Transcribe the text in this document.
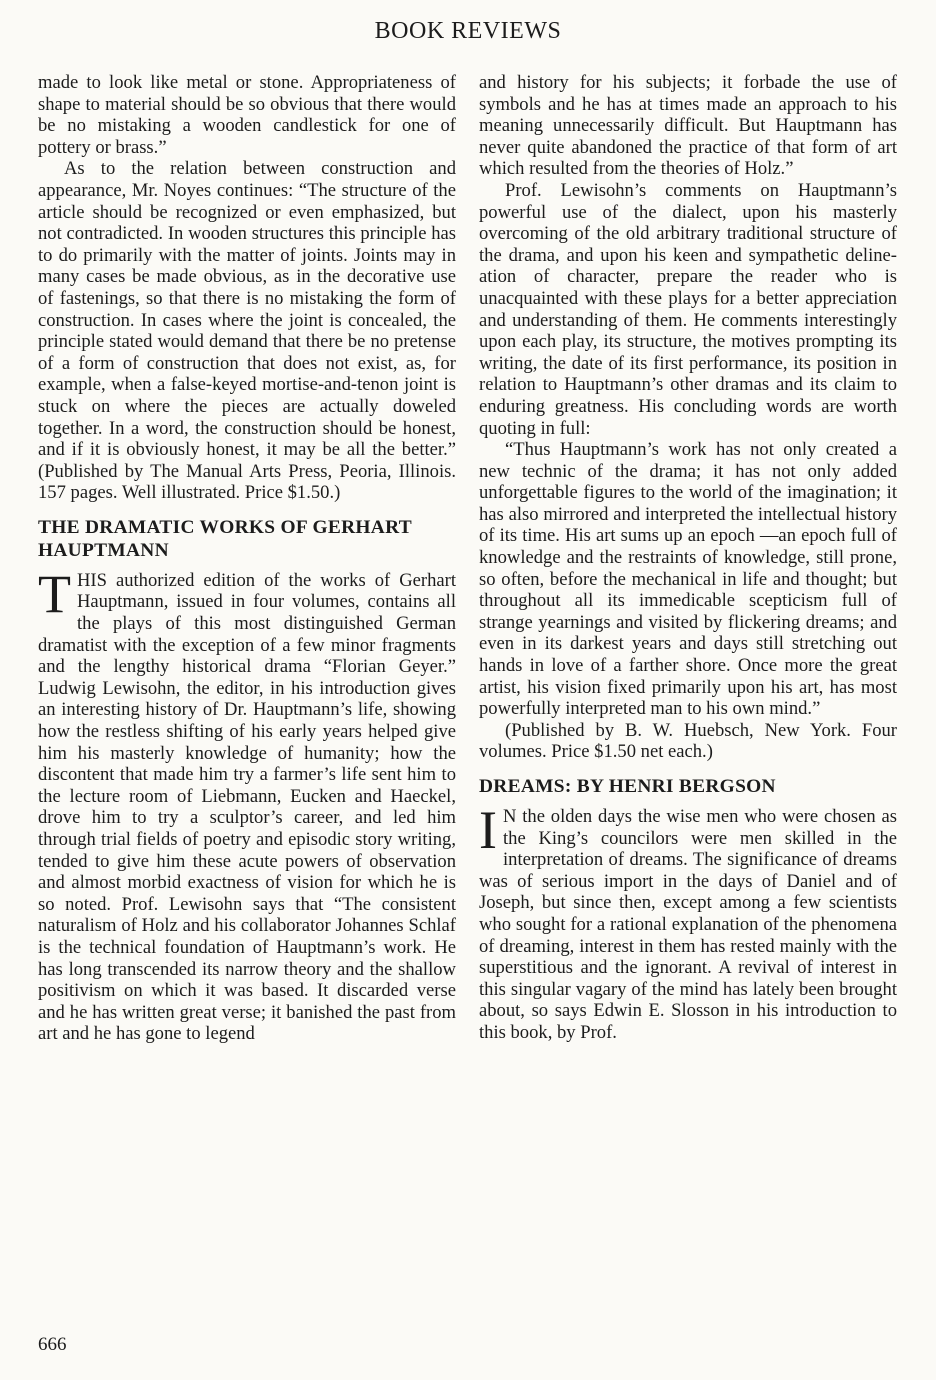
BOOK REVIEWS

made to look like metal or stone. Appropriateness of shape to material should be so obvious that there would be no mistaking a wooden candlestick for one of pottery or brass.”

As to the relation between construction and appearance, Mr. Noyes continues: “The structure of the article should be recognized or even emphasized, but not contradicted. In wooden structures this principle has to do primarily with the matter of joints. Joints may in many cases be made obvious, as in the decorative use of fastenings, so that there is no mistaking the form of construction. In cases where the joint is concealed, the principle stated would demand that there be no pretense of a form of construction that does not exist, as, for example, when a false-keyed mortise-and-tenon joint is stuck on where the pieces are actually doweled together. In a word, the construction should be honest, and if it is obviously honest, it may be all the better.” (Published by The Manual Arts Press, Peoria, Illinois. 157 pages. Well illustrated. Price $1.50.)

THE DRAMATIC WORKS OF GERHART HAUPTMANN

THIS authorized edition of the works of Gerhart Hauptmann, issued in four volumes, contains all the plays of this most distinguished German dramatist with the exception of a few minor fragments and the lengthy historical drama “Florian Geyer.” Ludwig Lewisohn, the editor, in his introduction gives an interesting history of Dr. Hauptmann’s life, showing how the restless shifting of his early years helped give him his masterly knowledge of humanity; how the discontent that made him try a farmer’s life sent him to the lecture room of Liebmann, Eucken and Haeckel, drove him to try a sculptor’s career, and led him through trial fields of poetry and episodic story writing, tended to give him these acute powers of observation and almost morbid exactness of vision for which he is so noted. Prof. Lewisohn says that “The consistent naturalism of Holz and his collaborator Johannes Schlaf is the technical foundation of Hauptmann’s work. He has long transcended its narrow theory and the shallow positivism on which it was based. It discarded verse and he has written great verse; it banished the past from art and he has gone to legend

and history for his subjects; it forbade the use of symbols and he has at times made an approach to his meaning unnecessarily difficult. But Hauptmann has never quite abandoned the practice of that form of art which resulted from the theories of Holz.”

Prof. Lewisohn’s comments on Hauptmann’s powerful use of the dialect, upon his masterly overcoming of the old arbitrary traditional structure of the drama, and upon his keen and sympathetic delineation of character, prepare the reader who is unacquainted with these plays for a better appreciation and understanding of them. He comments interestingly upon each play, its structure, the motives prompting its writing, the date of its first performance, its position in relation to Hauptmann’s other dramas and its claim to enduring greatness. His concluding words are worth quoting in full:

“Thus Hauptmann’s work has not only created a new technic of the drama; it has not only added unforgettable figures to the world of the imagination; it has also mirrored and interpreted the intellectual history of its time. His art sums up an epoch —an epoch full of knowledge and the restraints of knowledge, still prone, so often, before the mechanical in life and thought; but throughout all its immedicable scepticism full of strange yearnings and visited by flickering dreams; and even in its darkest years and days still stretching out hands in love of a farther shore. Once more the great artist, his vision fixed primarily upon his art, has most powerfully interpreted man to his own mind.”

(Published by B. W. Huebsch, New York. Four volumes. Price $1.50 net each.)

DREAMS: BY HENRI BERGSON

I N the olden days the wise men who were chosen as the King’s councilors were men skilled in the interpretation of dreams. The significance of dreams was of serious import in the days of Daniel and of Joseph, but since then, except among a few scientists who sought for a rational explanation of the phenomena of dreaming, interest in them has rested mainly with the superstitious and the ignorant. A revival of interest in this singular vagary of the mind has lately been brought about, so says Edwin E. Slosson in his introduction to this book, by Prof.

666
